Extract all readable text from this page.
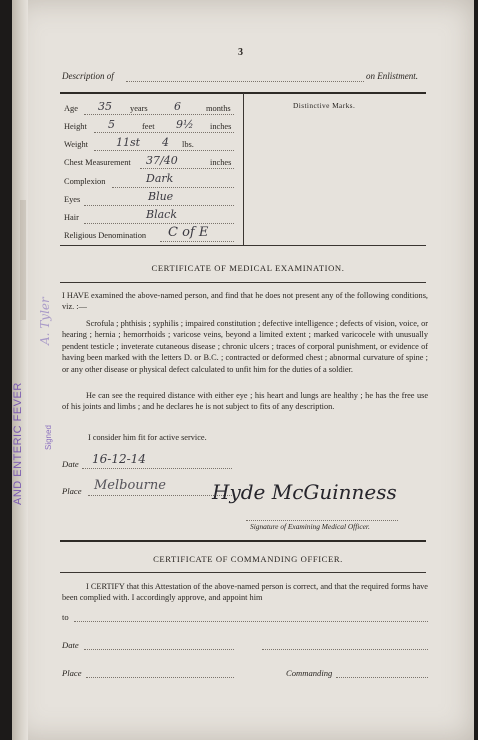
AND ENTERIC FEVER	Signed
A. Tyler
3
Description of	on Enlistment.
Distinctive Marks.
Age 35 years 6	months
Height 5	feet 9½ inches
Weight	11st 4 lbs.
Chest Measurement 37/40	inches
Complexion	Dark
Eyes	Blue
Hair	Black
Religious Denomination C of E
CERTIFICATE OF MEDICAL EXAMINATION.
I HAVE examined the above-named person, and find that he does not present any of the following conditions, viz. :—
Scrofula ; phthisis ; syphilis ; impaired constitution ; defective intelligence ; defects of vision, voice, or hearing ; hernia ; hemorrhoids ; varicose veins, beyond a limited extent ; marked varicocele with unusually pendent testicle ; inveterate cutaneous disease ; chronic ulcers ; traces of corporal punishment, or evidence of having been marked with the letters D. or B.C. ; contracted or deformed chest ; abnormal curvature of spine ; or any other disease or physical defect calculated to unfit him for the duties of a soldier.
He can see the required distance with either eye ; his heart and lungs are healthy ; he has the free use of his joints and limbs ; and he declares he is not subject to fits of any description.
I consider him fit for active service.
Date 16-12-14
Place Melbourne Hyde McGuinness
Signature of Examining Medical Officer.
CERTIFICATE OF COMMANDING OFFICER.
I CERTIFY that this Attestation of the above-named person is correct, and that the required forms have been complied with. I accordingly approve, and appoint him
to
Date
Place	Commanding
